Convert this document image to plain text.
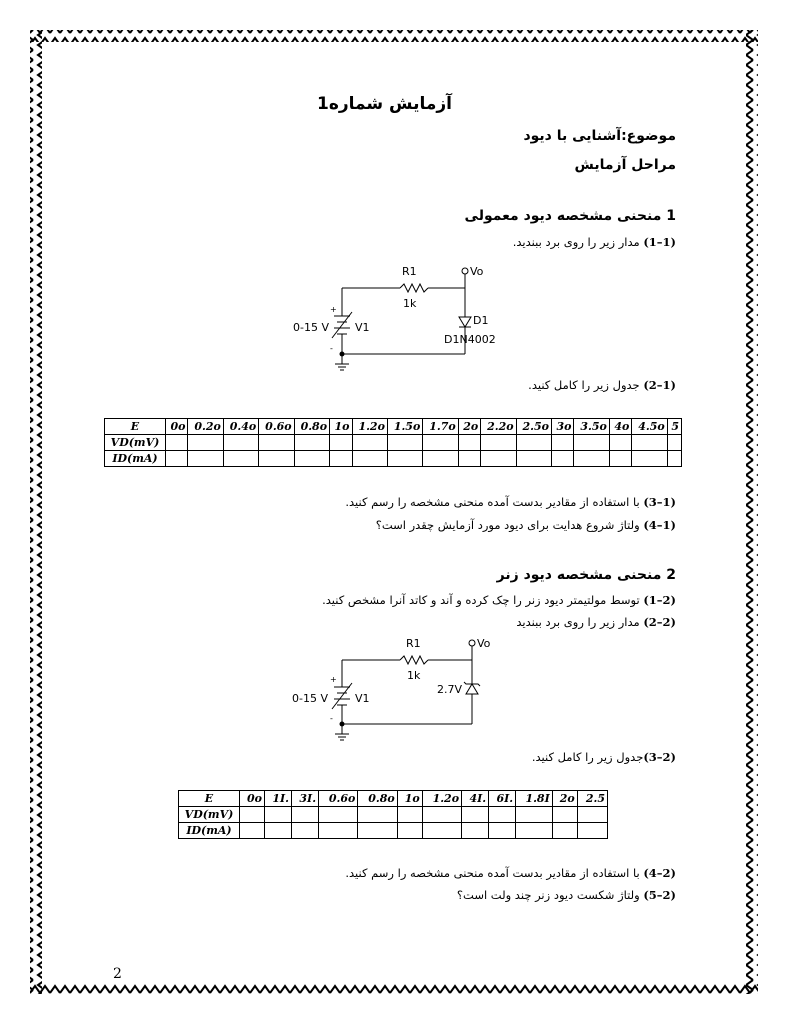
آزمایش شماره1
موضوع:آشنایی با دیود
مراحل آزمایش
1 منحنی مشخصه دیود معمولی
(1–1) مدار زیر را روی برد ببندید.
R1
1k
Vo
D1
D1N4002
0-15 V V1
+
-
(1–2) جدول زیر را کامل کنید.
E	0o	0.2o	0.4o	0.6o	0.8o	1o	1.2o	1.5o	1.7o	2o	2.2o	2.5o	3o	3.5o	4o	4.5o	5
VD(mV)																	
ID(mA)																	
(1–3) با استفاده از مقادیر بدست آمده منحنی مشخصه را رسم کنید.
(1–4) ولتاژ شروع هدایت برای دیود مورد آزمایش چقدر است؟
2 منحنی مشخصه دیود زنر
(2–1) توسط مولتیمتر دیود زنر را چک کرده و آند و کاتد آنرا مشخص کنید.
(2–2) مدار زیر را روی برد ببندید
R1
1k
Vo
2.7V
0-15 V V1
+
-
(2–3)جدول زیر را کامل کنید.
E	0o	1I.	3I.	0.6o	0.8o	1o	1.2o	4I.	6I.	1.8I	2o	2.5
VD(mV)												
ID(mA)												
(2–4) با استفاده از مقادیر بدست آمده منحنی مشخصه را رسم کنید.
(2–5) ولتاژ شکست دیود زنر چند ولت است؟
2
